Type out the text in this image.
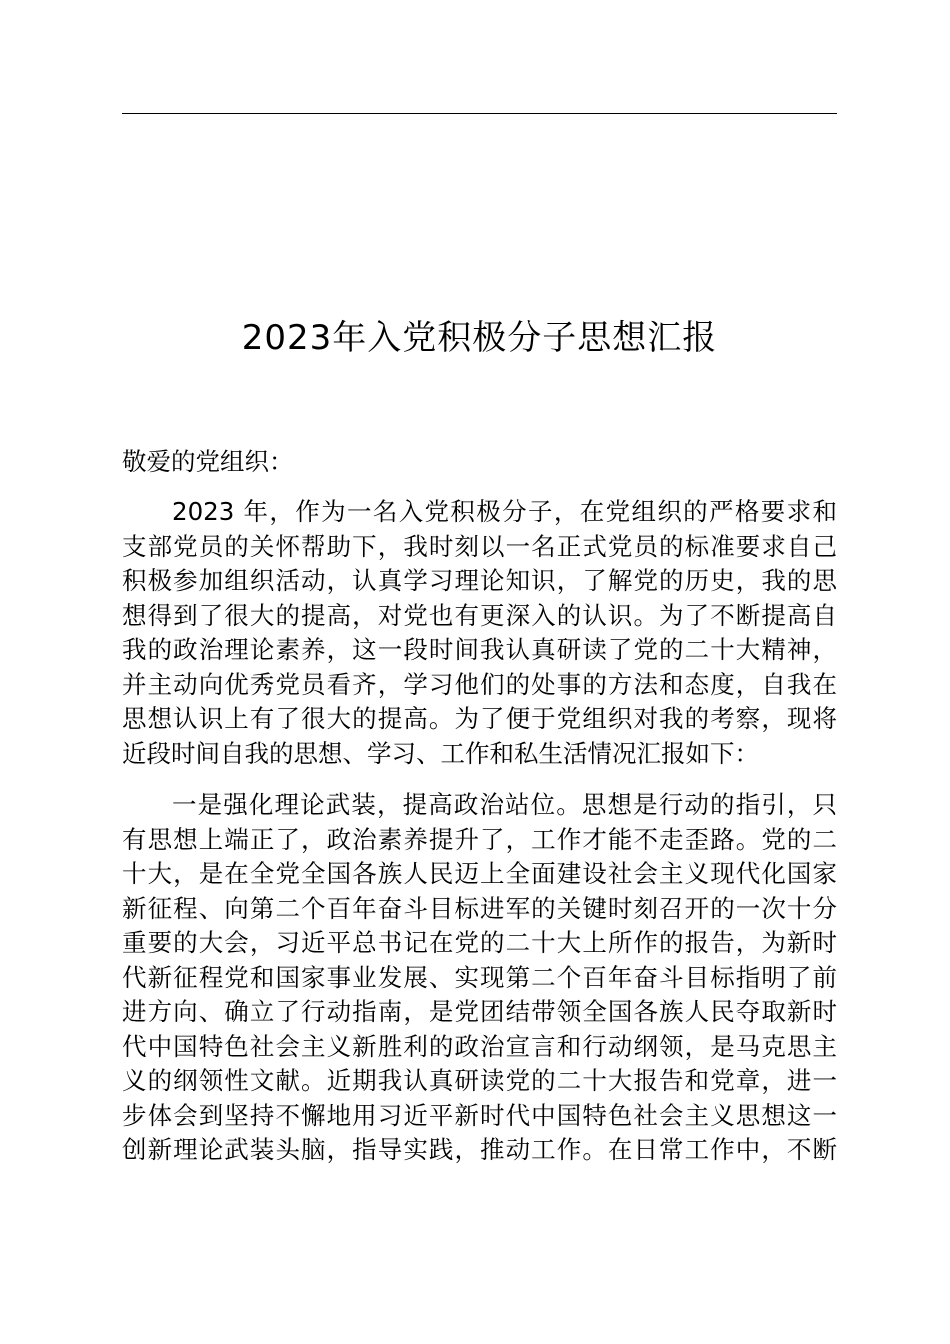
2023年入党积极分子思想汇报
敬爱的党组织：
2023 年，作为一名入党积极分子，在党组织的严格要求和
支部党员的关怀帮助下，我时刻以一名正式党员的标准要求自己
积极参加组织活动，认真学习理论知识，了解党的历史，我的思
想得到了很大的提高，对党也有更深入的认识。为了不断提高自
我的政治理论素养，这一段时间我认真研读了党的二十大精神，
并主动向优秀党员看齐，学习他们的处事的方法和态度，自我在
思想认识上有了很大的提高。为了便于党组织对我的考察，现将
近段时间自我的思想、学习、工作和私生活情况汇报如下：
一是强化理论武装，提高政治站位。思想是行动的指引，只
有思想上端正了，政治素养提升了，工作才能不走歪路。党的二
十大，是在全党全国各族人民迈上全面建设社会主义现代化国家
新征程、向第二个百年奋斗目标进军的关键时刻召开的一次十分
重要的大会，习近平总书记在党的二十大上所作的报告，为新时
代新征程党和国家事业发展、实现第二个百年奋斗目标指明了前
进方向、确立了行动指南，是党团结带领全国各族人民夺取新时
代中国特色社会主义新胜利的政治宣言和行动纲领，是马克思主
义的纲领性文献。近期我认真研读党的二十大报告和党章，进一
步体会到坚持不懈地用习近平新时代中国特色社会主义思想这一
创新理论武装头脑，指导实践，推动工作。在日常工作中，不断
